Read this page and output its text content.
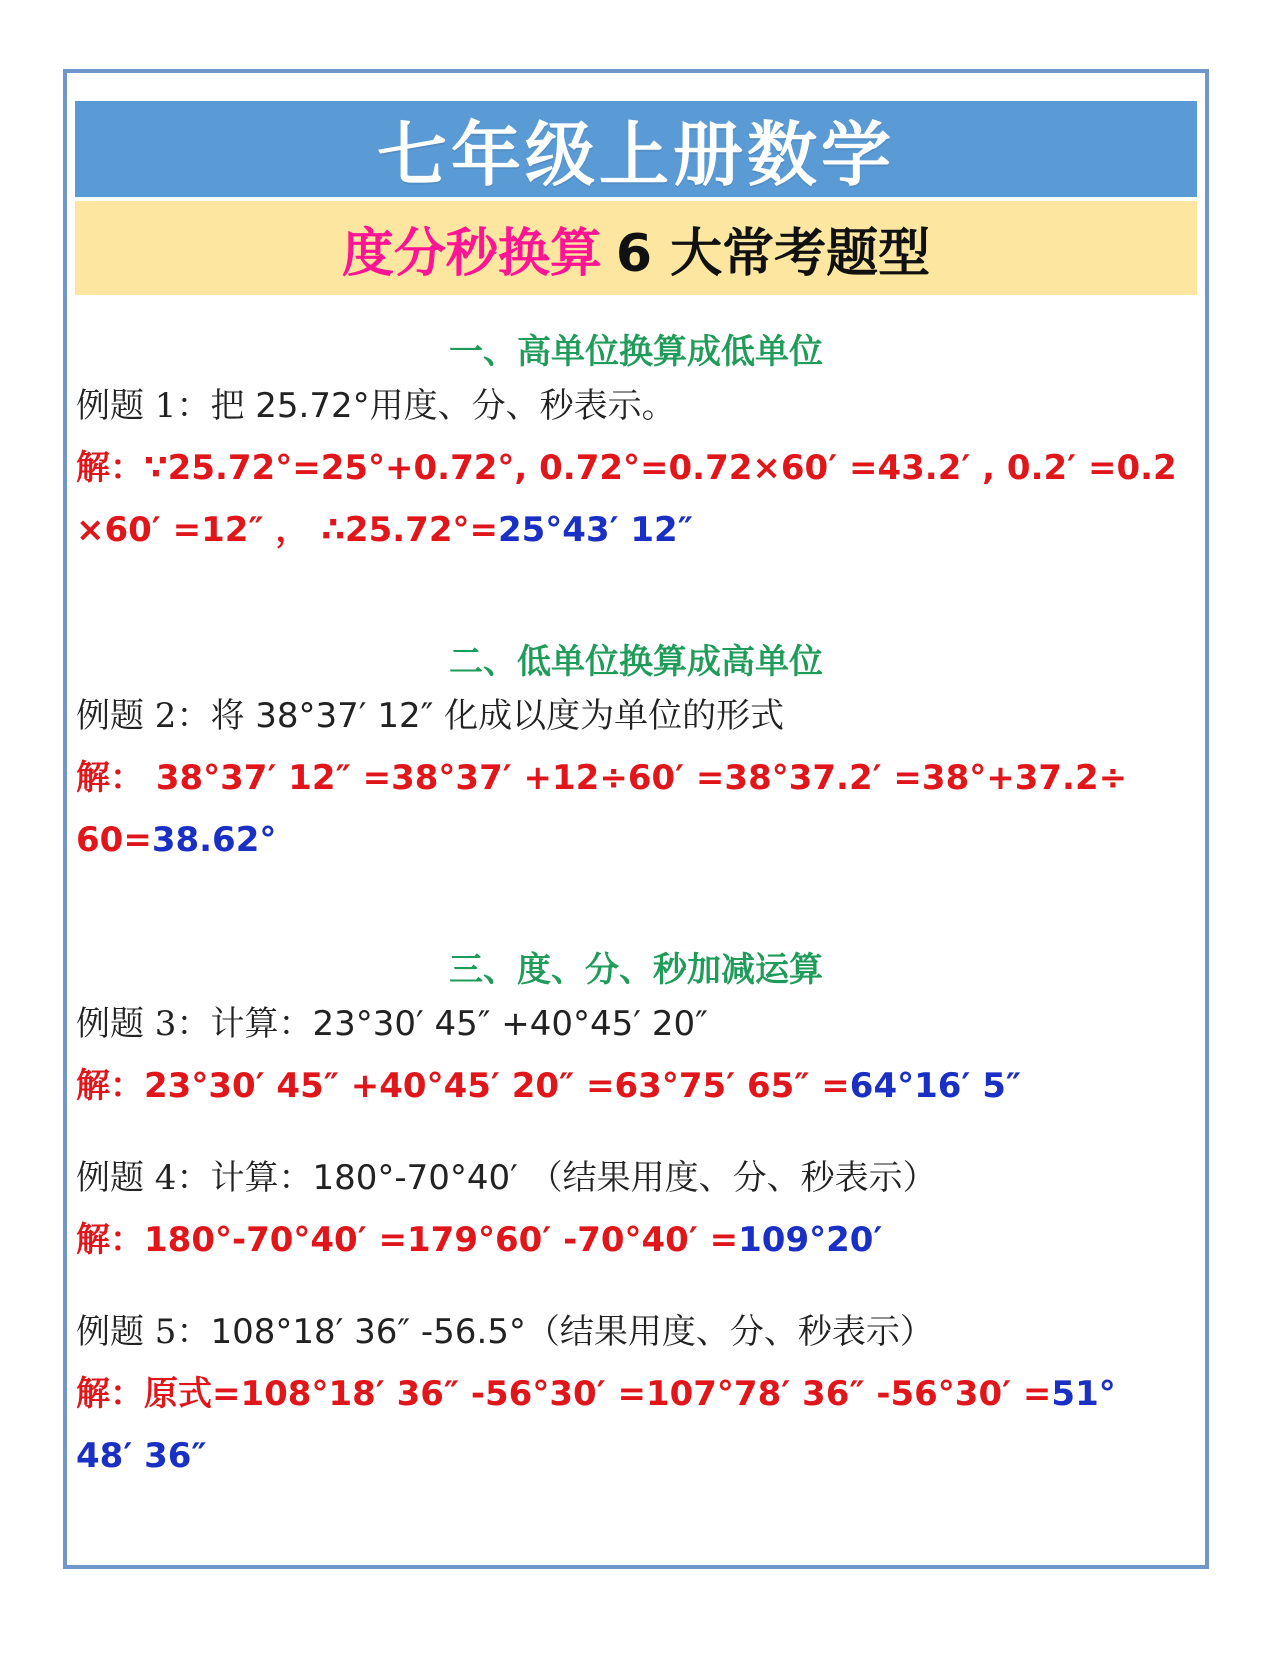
七年级上册数学
度分秒换算 6 大常考题型
一、高单位换算成低单位
例题 1：把 25.72°用度、分、秒表示。
解：∵25.72°=25°+0.72°, 0.72°=0.72×60′ =43.2′ , 0.2′ =0.2
×60′ =12″ ， ∴25.72°=25°43′ 12″
二、低单位换算成高单位
例题 2：将 38°37′ 12″ 化成以度为单位的形式
解： 38°37′ 12″ =38°37′ +12÷60′ =38°37.2′ =38°+37.2÷
60=38.62°
三、度、分、秒加减运算
例题 3：计算：23°30′ 45″ +40°45′ 20″
解：23°30′ 45″ +40°45′ 20″ =63°75′ 65″ =64°16′ 5″
例题 4：计算：180°-70°40′ （结果用度、分、秒表示）
解：180°-70°40′ =179°60′ -70°40′ =109°20′
例题 5：108°18′ 36″ -56.5°（结果用度、分、秒表示）
解：原式=108°18′ 36″ -56°30′ =107°78′ 36″ -56°30′ =51°
48′ 36″
